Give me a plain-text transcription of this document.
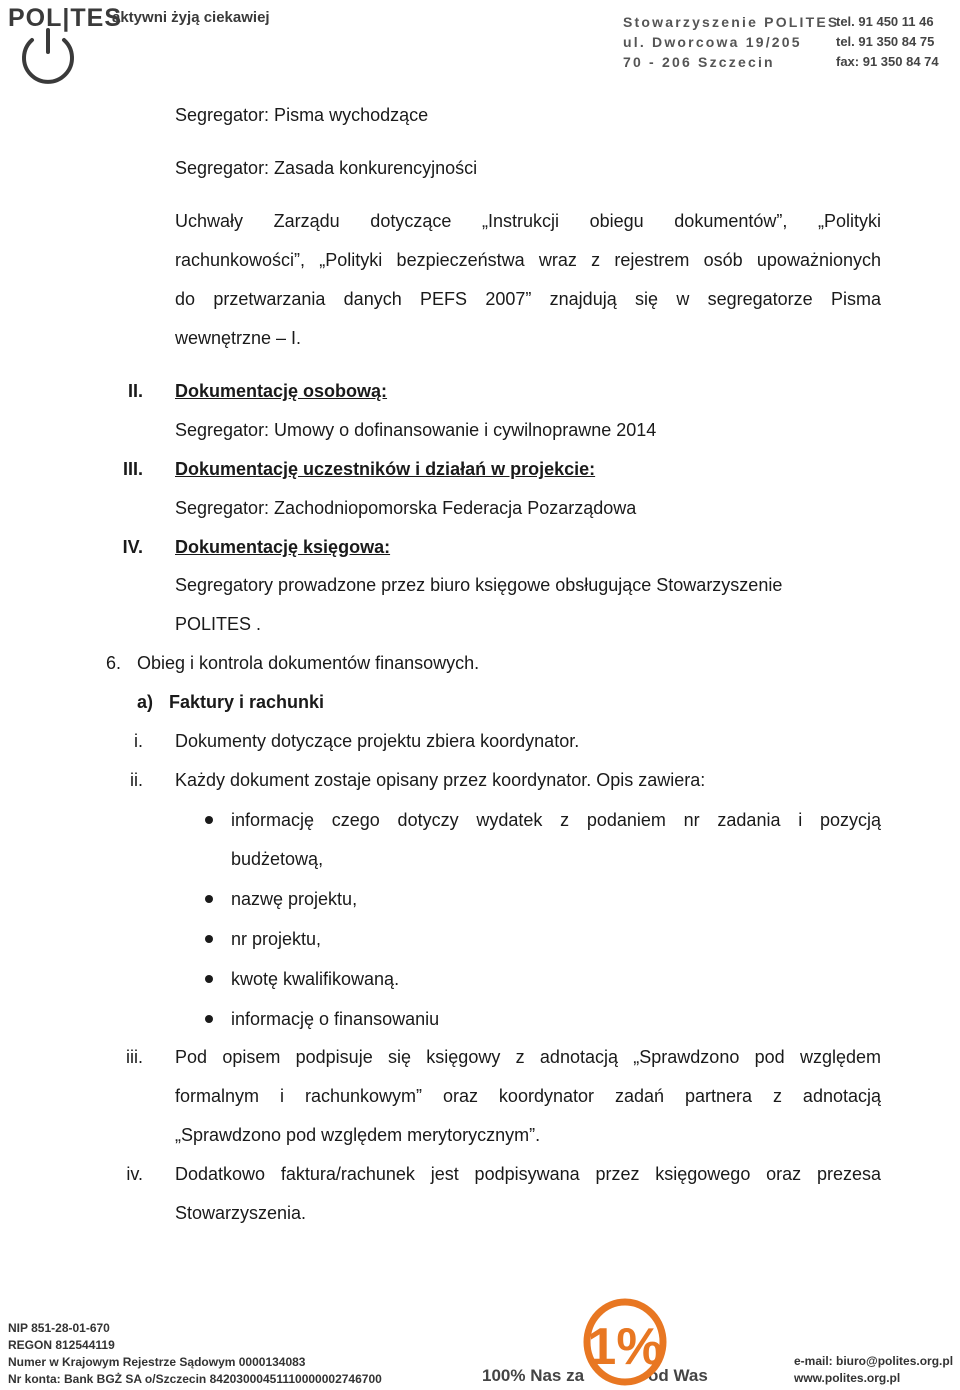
POL|TES
aktywni żyją ciekawiej	Stowarzyszenie POLITES
ul. Dworcowa 19/205
70 - 206 Szczecin
tel. 91 450 11 46
tel. 91 350 84 75
fax: 91 350 84 74
Segregator: Pisma wychodzące
Segregator: Zasada konkurencyjności
Uchwały Zarządu dotyczące „Instrukcji obiegu dokumentów”, „Polityki
rachunkowości”, „Polityki bezpieczeństwa wraz z rejestrem osób upoważnionych
do przetwarzania danych PEFS 2007” znajdują się w segregatorze Pisma
wewnętrzne – I.
II. Dokumentację osobową:
Segregator: Umowy o dofinansowanie i cywilnoprawne 2014
III. Dokumentację uczestników i działań w projekcie:
Segregator: Zachodniopomorska Federacja Pozarządowa
IV. Dokumentację księgowa:
Segregatory prowadzone przez biuro księgowe obsługujące Stowarzyszenie
POLITES .
6. Obieg i kontrola dokumentów finansowych.
a) Faktury i rachunki
i. Dokumenty dotyczące projektu zbiera koordynator.
ii. Każdy dokument zostaje opisany przez koordynator. Opis zawiera:
informację czego dotyczy wydatek z podaniem nr zadania i pozycją
budżetową,
nazwę projektu,
nr projektu,
kwotę kwalifikowaną.
informację o finansowaniu
iii. Pod opisem podpisuje się księgowy z adnotacją „Sprawdzono pod względem
formalnym i rachunkowym” oraz koordynator zadań partnera z adnotacją
„Sprawdzono pod względem merytorycznym”.
iv. Dodatkowo faktura/rachunek jest podpisywana przez księgowego oraz prezesa
Stowarzyszenia.
NIP 851-28-01-670
REGON 812544119
Numer w Krajowym Rejestrze Sądowym 0000134083
Nr konta: Bank BGŻ SA o/Szczecin 84203000451110000002746700	100% Nas za	od Was
e-mail: biuro@polites.org.pl
www.polites.org.pl
1%
